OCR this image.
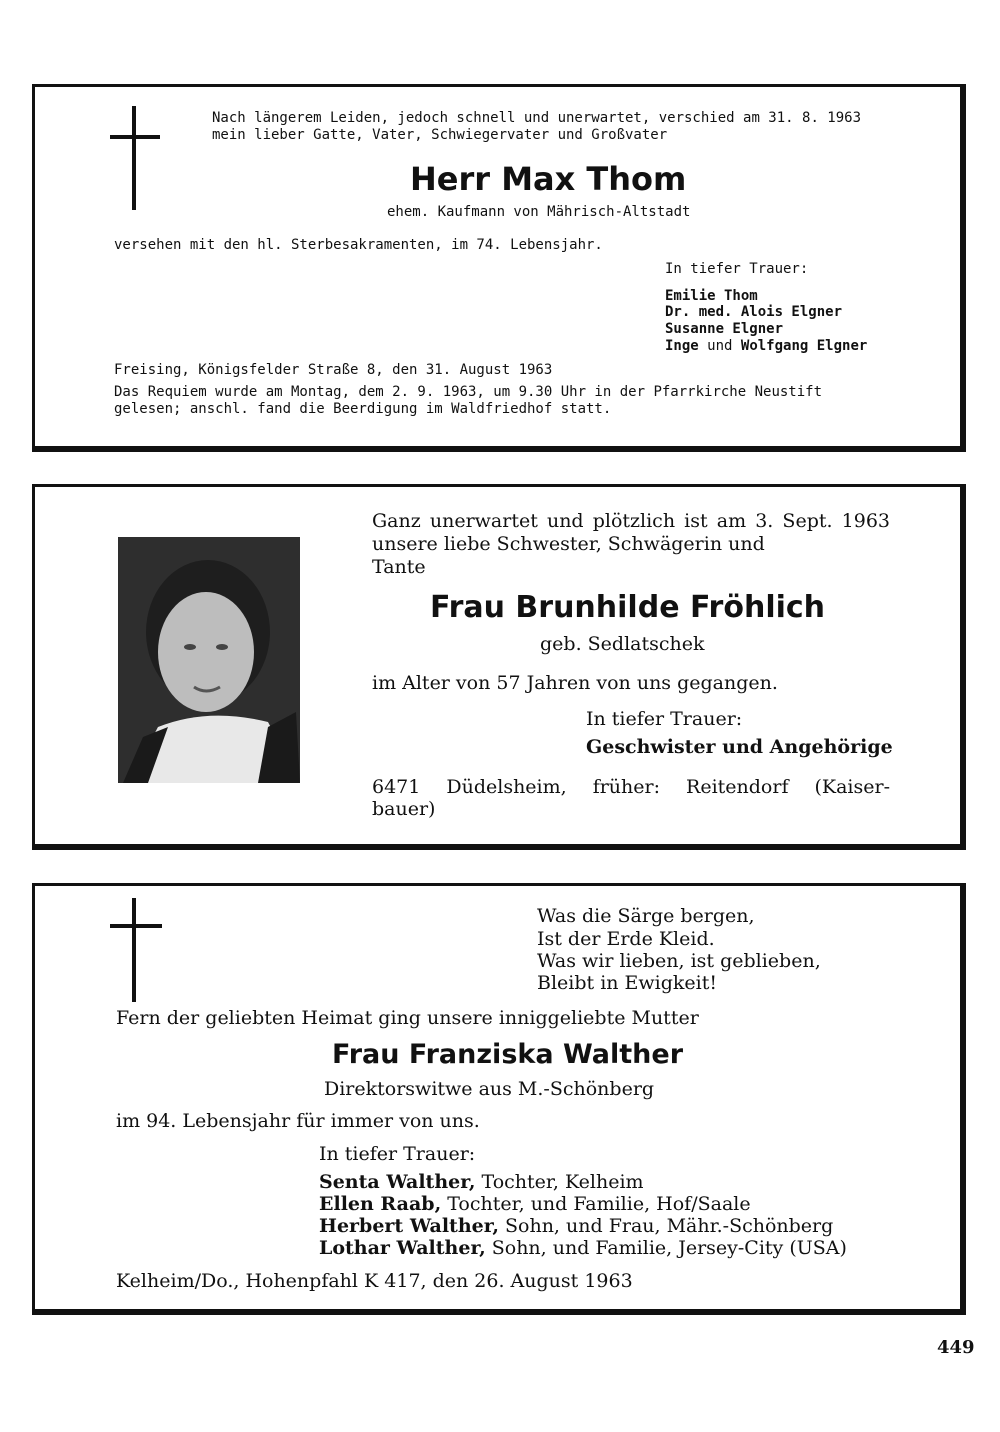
Nach längerem Leiden, jedoch schnell und unerwartet, verschied am 31. 8. 1963

mein lieber Gatte, Vater, Schwiegervater und Großvater

Herr Max Thom

ehem. Kaufmann von Mährisch-Altstadt

versehen mit den hl. Sterbesakramenten, im 74. Lebensjahr.

In tiefer Trauer:

Emilie Thom

Dr. med. Alois Elgner

Susanne Elgner

Inge und Wolfgang Elgner

Freising, Königsfelder Straße 8, den 31. August 1963

Das Requiem wurde am Montag, dem 2. 9. 1963, um 9.30 Uhr in der Pfarrkirche Neustift

gelesen; anschl. fand die Beerdigung im Waldfriedhof statt.

Ganz unerwartet und plötzlich ist am 3. Sept. 1963 unsere liebe Schwester, Schwägerin und

Tante

Frau Brunhilde Fröhlich

geb. Sedlatschek

im Alter von 57 Jahren von uns gegangen.

In tiefer Trauer:

Geschwister und Angehörige

6471 Düdelsheim, früher: Reitendorf (Kaiser-

bauer)

Was die Särge bergen,

Ist der Erde Kleid.

Was wir lieben, ist geblieben,

Bleibt in Ewigkeit!

Fern der geliebten Heimat ging unsere inniggeliebte Mutter

Frau Franziska Walther

Direktorswitwe aus M.-Schönberg

im 94. Lebensjahr für immer von uns.

In tiefer Trauer:

Senta Walther, Tochter, Kelheim

Ellen Raab, Tochter, und Familie, Hof/Saale

Herbert Walther, Sohn, und Frau, Mähr.-Schönberg

Lothar Walther, Sohn, und Familie, Jersey-City (USA)

Kelheim/Do., Hohenpfahl K 417, den 26. August 1963

449
